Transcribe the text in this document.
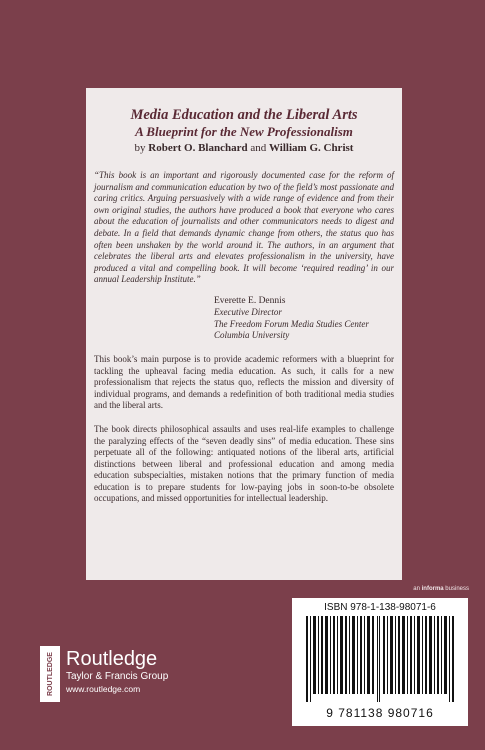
Media Education and the Liberal Arts
A Blueprint for the New Professionalism
by Robert O. Blanchard and William G. Christ
“This book is an important and rigorously documented case for the reform of journalism and communication education by two of the field’s most passionate and caring critics. Arguing persuasively with a wide range of evidence and from their own original studies, the authors have produced a book that everyone who cares about the education of journalists and other communicators needs to digest and debate. In a field that demands dynamic change from others, the status quo has often been unshaken by the world around it. The authors, in an argument that celebrates the liberal arts and elevates professionalism in the university, have produced a vital and compelling book. It will become ‘required reading’ in our annual Leadership Institute.”
Everette E. Dennis
Executive Director
The Freedom Forum Media Studies Center
Columbia University
This book’s main purpose is to provide academic reformers with a blueprint for tackling the upheaval facing media education. As such, it calls for a new professionalism that rejects the status quo, reflects the mission and diversity of individual programs, and demands a redefinition of both traditional media studies and the liberal arts.
The book directs philosophical assaults and uses real-life examples to challenge the paralyzing effects of the “seven deadly sins” of media education. These sins perpetuate all of the following: antiquated notions of the liberal arts, artificial distinctions between liberal and professional education and among media education subspecialties, mistaken notions that the primary function of media education is to prepare students for low-paying jobs in soon-to-be obsolete occupations, and missed opportunities for intellectual leadership.
an informa business
ISBN 978-1-138-98071-6
9 781138 980716
ROUTLEDGE Routledge
Taylor & Francis Group
www.routledge.com
